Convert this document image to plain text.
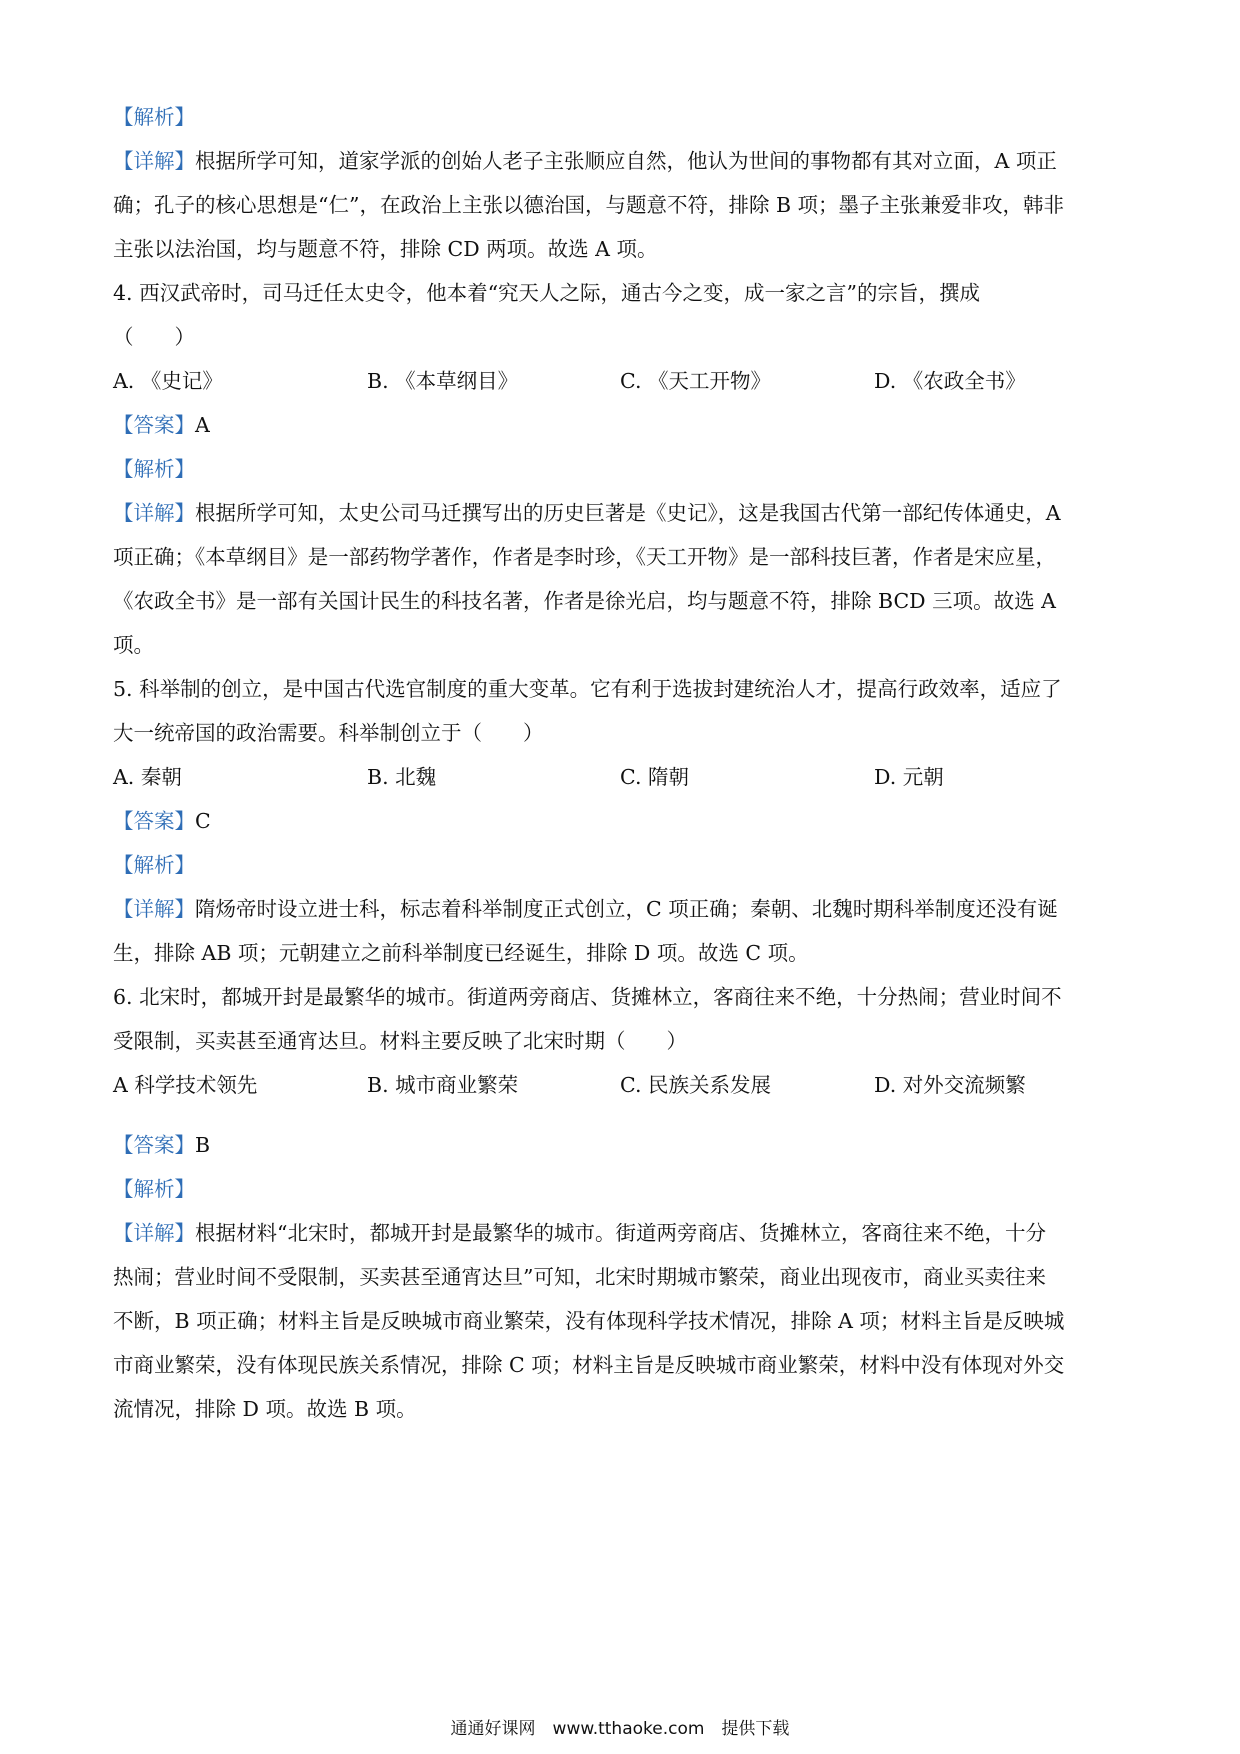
【解析】
【详解】根据所学可知，道家学派的创始人老子主张顺应自然，他认为世间的事物都有其对立面，A 项正
确；孔子的核心思想是“仁”，在政治上主张以德治国，与题意不符，排除 B 项；墨子主张兼爱非攻，韩非
主张以法治国，均与题意不符，排除 CD 两项。故选 A 项。
4. 西汉武帝时，司马迁任太史令，他本着“究天人之际，通古今之变，成一家之言”的宗旨，撰成
（　　）
A. 《史记》	B. 《本草纲目》	C. 《天工开物》	D. 《农政全书》
【答案】A
【解析】
【详解】根据所学可知，太史公司马迁撰写出的历史巨著是《史记》，这是我国古代第一部纪传体通史，A
项正确；《本草纲目》是一部药物学著作，作者是李时珍，《天工开物》是一部科技巨著，作者是宋应星，
《农政全书》是一部有关国计民生的科技名著，作者是徐光启，均与题意不符，排除 BCD 三项。故选 A
项。
5. 科举制的创立，是中国古代选官制度的重大变革。它有利于选拔封建统治人才，提高行政效率，适应了
大一统帝国的政治需要。科举制创立于（　　）
A. 秦朝	B. 北魏	C. 隋朝	D. 元朝
【答案】C
【解析】
【详解】隋炀帝时设立进士科，标志着科举制度正式创立，C 项正确；秦朝、北魏时期科举制度还没有诞
生，排除 AB 项；元朝建立之前科举制度已经诞生，排除 D 项。故选 C 项。
6. 北宋时，都城开封是最繁华的城市。街道两旁商店、货摊林立，客商往来不绝，十分热闹；营业时间不
受限制，买卖甚至通宵达旦。材料主要反映了北宋时期（　　）
A 科学技术领先	B. 城市商业繁荣	C. 民族关系发展	D. 对外交流频繁
【答案】B
【解析】
【详解】根据材料“北宋时，都城开封是最繁华的城市。街道两旁商店、货摊林立，客商往来不绝，十分
热闹；营业时间不受限制，买卖甚至通宵达旦”可知，北宋时期城市繁荣，商业出现夜市，商业买卖往来
不断，B 项正确；材料主旨是反映城市商业繁荣，没有体现科学技术情况，排除 A 项；材料主旨是反映城
市商业繁荣，没有体现民族关系情况，排除 C 项；材料主旨是反映城市商业繁荣，材料中没有体现对外交
流情况，排除 D 项。故选 B 项。
通通好课网　www.tthaoke.com　提供下载
